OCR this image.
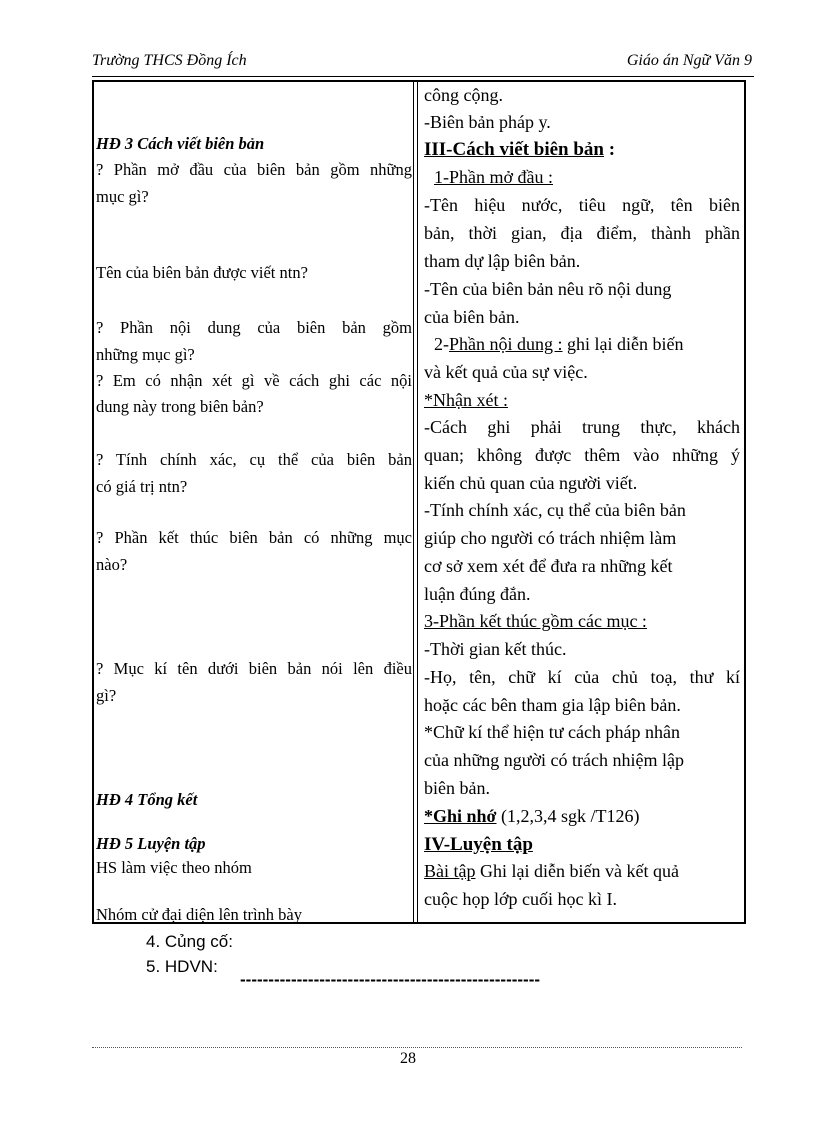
Trường THCS Đồng Ích	Giáo án Ngữ Văn 9
HĐ 3 Cách viết biên bản
? Phần mở đầu của biên bản gồm những
mục gì?
Tên của biên bản được viết ntn?
? Phần nội dung của biên bản gồm
những mục gì?
? Em có nhận xét gì về cách ghi các nội
dung này trong biên bản?
? Tính chính xác, cụ thể của biên bản
có giá trị ntn?
? Phần kết thúc biên bản có những mục
nào?
? Mục kí tên dưới biên bản nói lên điều
gì?
HĐ 4 Tổng kết
HĐ 5 Luyện tập
HS làm việc theo nhóm
Nhóm cử đại diện lên trình bày
công cộng.
-Biên bản pháp y.
III-Cách viết biên bản :
1-Phần mở đầu :
-Tên hiệu nước, tiêu ngữ, tên biên
bản, thời gian, địa điểm, thành phần
tham dự lập biên bản.
-Tên của biên bản nêu rõ nội dung
của biên bản.
2-Phần nội dung : ghi lại diễn biến
và kết quả của sự việc.
*Nhận xét :
-Cách ghi phải trung thực, khách
quan; không được thêm vào những ý
kiến chủ quan của người viết.
-Tính chính xác, cụ thể của biên bản
giúp cho người có trách nhiệm làm
cơ sở xem xét để đưa ra những kết
luận đúng đắn.
3-Phần kết thúc gồm các mục :
-Thời gian kết thúc.
-Họ, tên, chữ kí của chủ toạ, thư kí
hoặc các bên tham gia lập biên bản.
*Chữ kí thể hiện tư cách pháp nhân
của những người có trách nhiệm lập
biên bản.
*Ghi nhớ (1,2,3,4 sgk /T126)
IV-Luyện tập
Bài tập Ghi lại diễn biến và kết quả
cuộc họp lớp cuối học kì I.
4. Củng cố:
5. HDVN:
-----------------------------------------------------
28
